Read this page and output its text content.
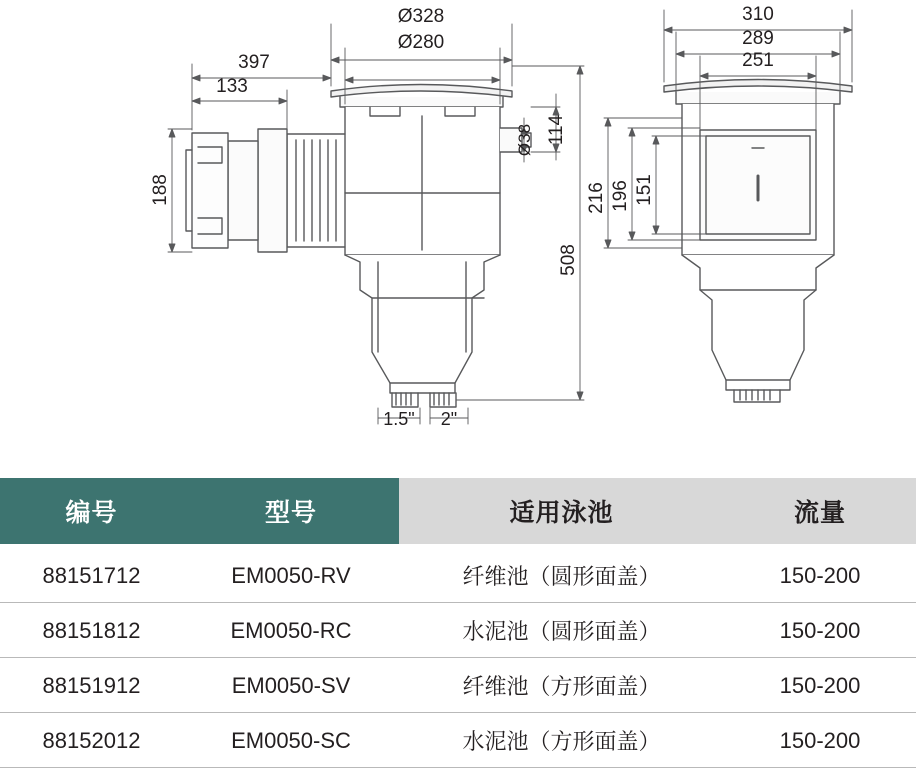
Ø328
Ø280
397
133
188
Ø38 114
508
1.5" 2"
310
289
251
216 196 151
编号	型号	适用泳池	流量
88151712	EM0050-RV	纤维池（圆形面盖）	150-200
88151812	EM0050-RC	水泥池（圆形面盖）	150-200
88151912	EM0050-SV	纤维池（方形面盖）	150-200
88152012	EM0050-SC	水泥池（方形面盖）	150-200
